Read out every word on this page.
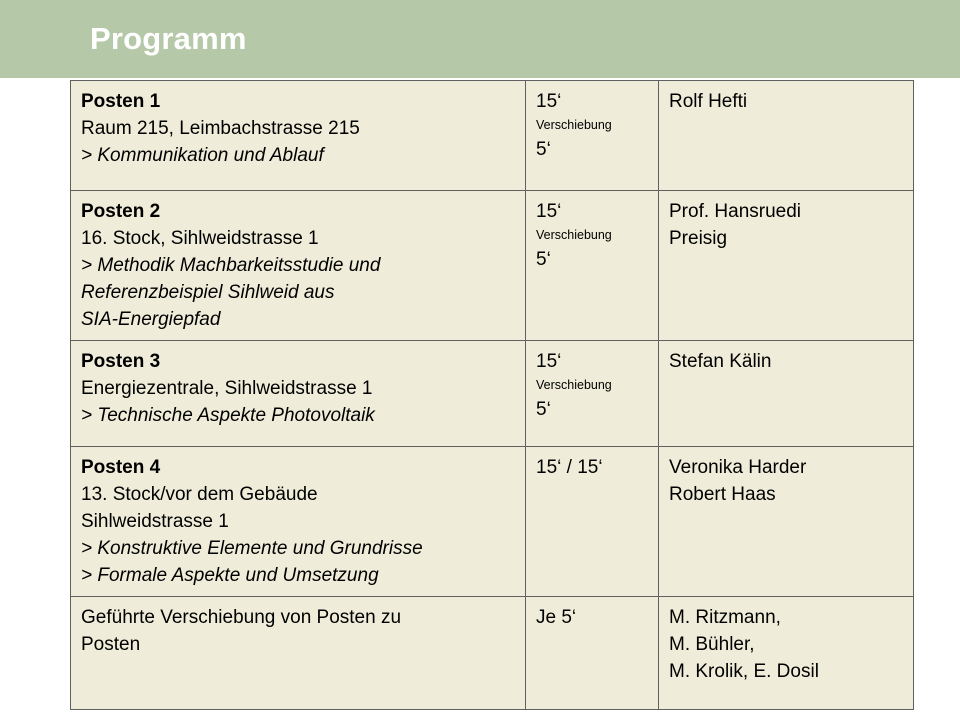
Programm
Posten 1
Raum 215, Leimbachstrasse 215
> Kommunikation und Ablauf	15‘
Verschiebung
5‘	Rolf Hefti

Posten 2
16. Stock, Sihlweidstrasse 1
> Methodik Machbarkeitsstudie und
Referenzbeispiel Sihlweid aus
SIA-Energiepfad	15‘
Verschiebung
5‘	Prof. Hansruedi
Preisig

Posten 3
Energiezentrale, Sihlweidstrasse 1
> Technische Aspekte Photovoltaik	15‘
Verschiebung
5‘	Stefan Kälin

Posten 4
13. Stock/vor dem Gebäude
Sihlweidstrasse 1
> Konstruktive Elemente und Grundrisse
> Formale Aspekte und Umsetzung	15‘ / 15‘	Veronika Harder
Robert Haas

Geführte Verschiebung von Posten zu
Posten	Je 5‘	M. Ritzmann,
M. Bühler,
M. Krolik, E. Dosil
